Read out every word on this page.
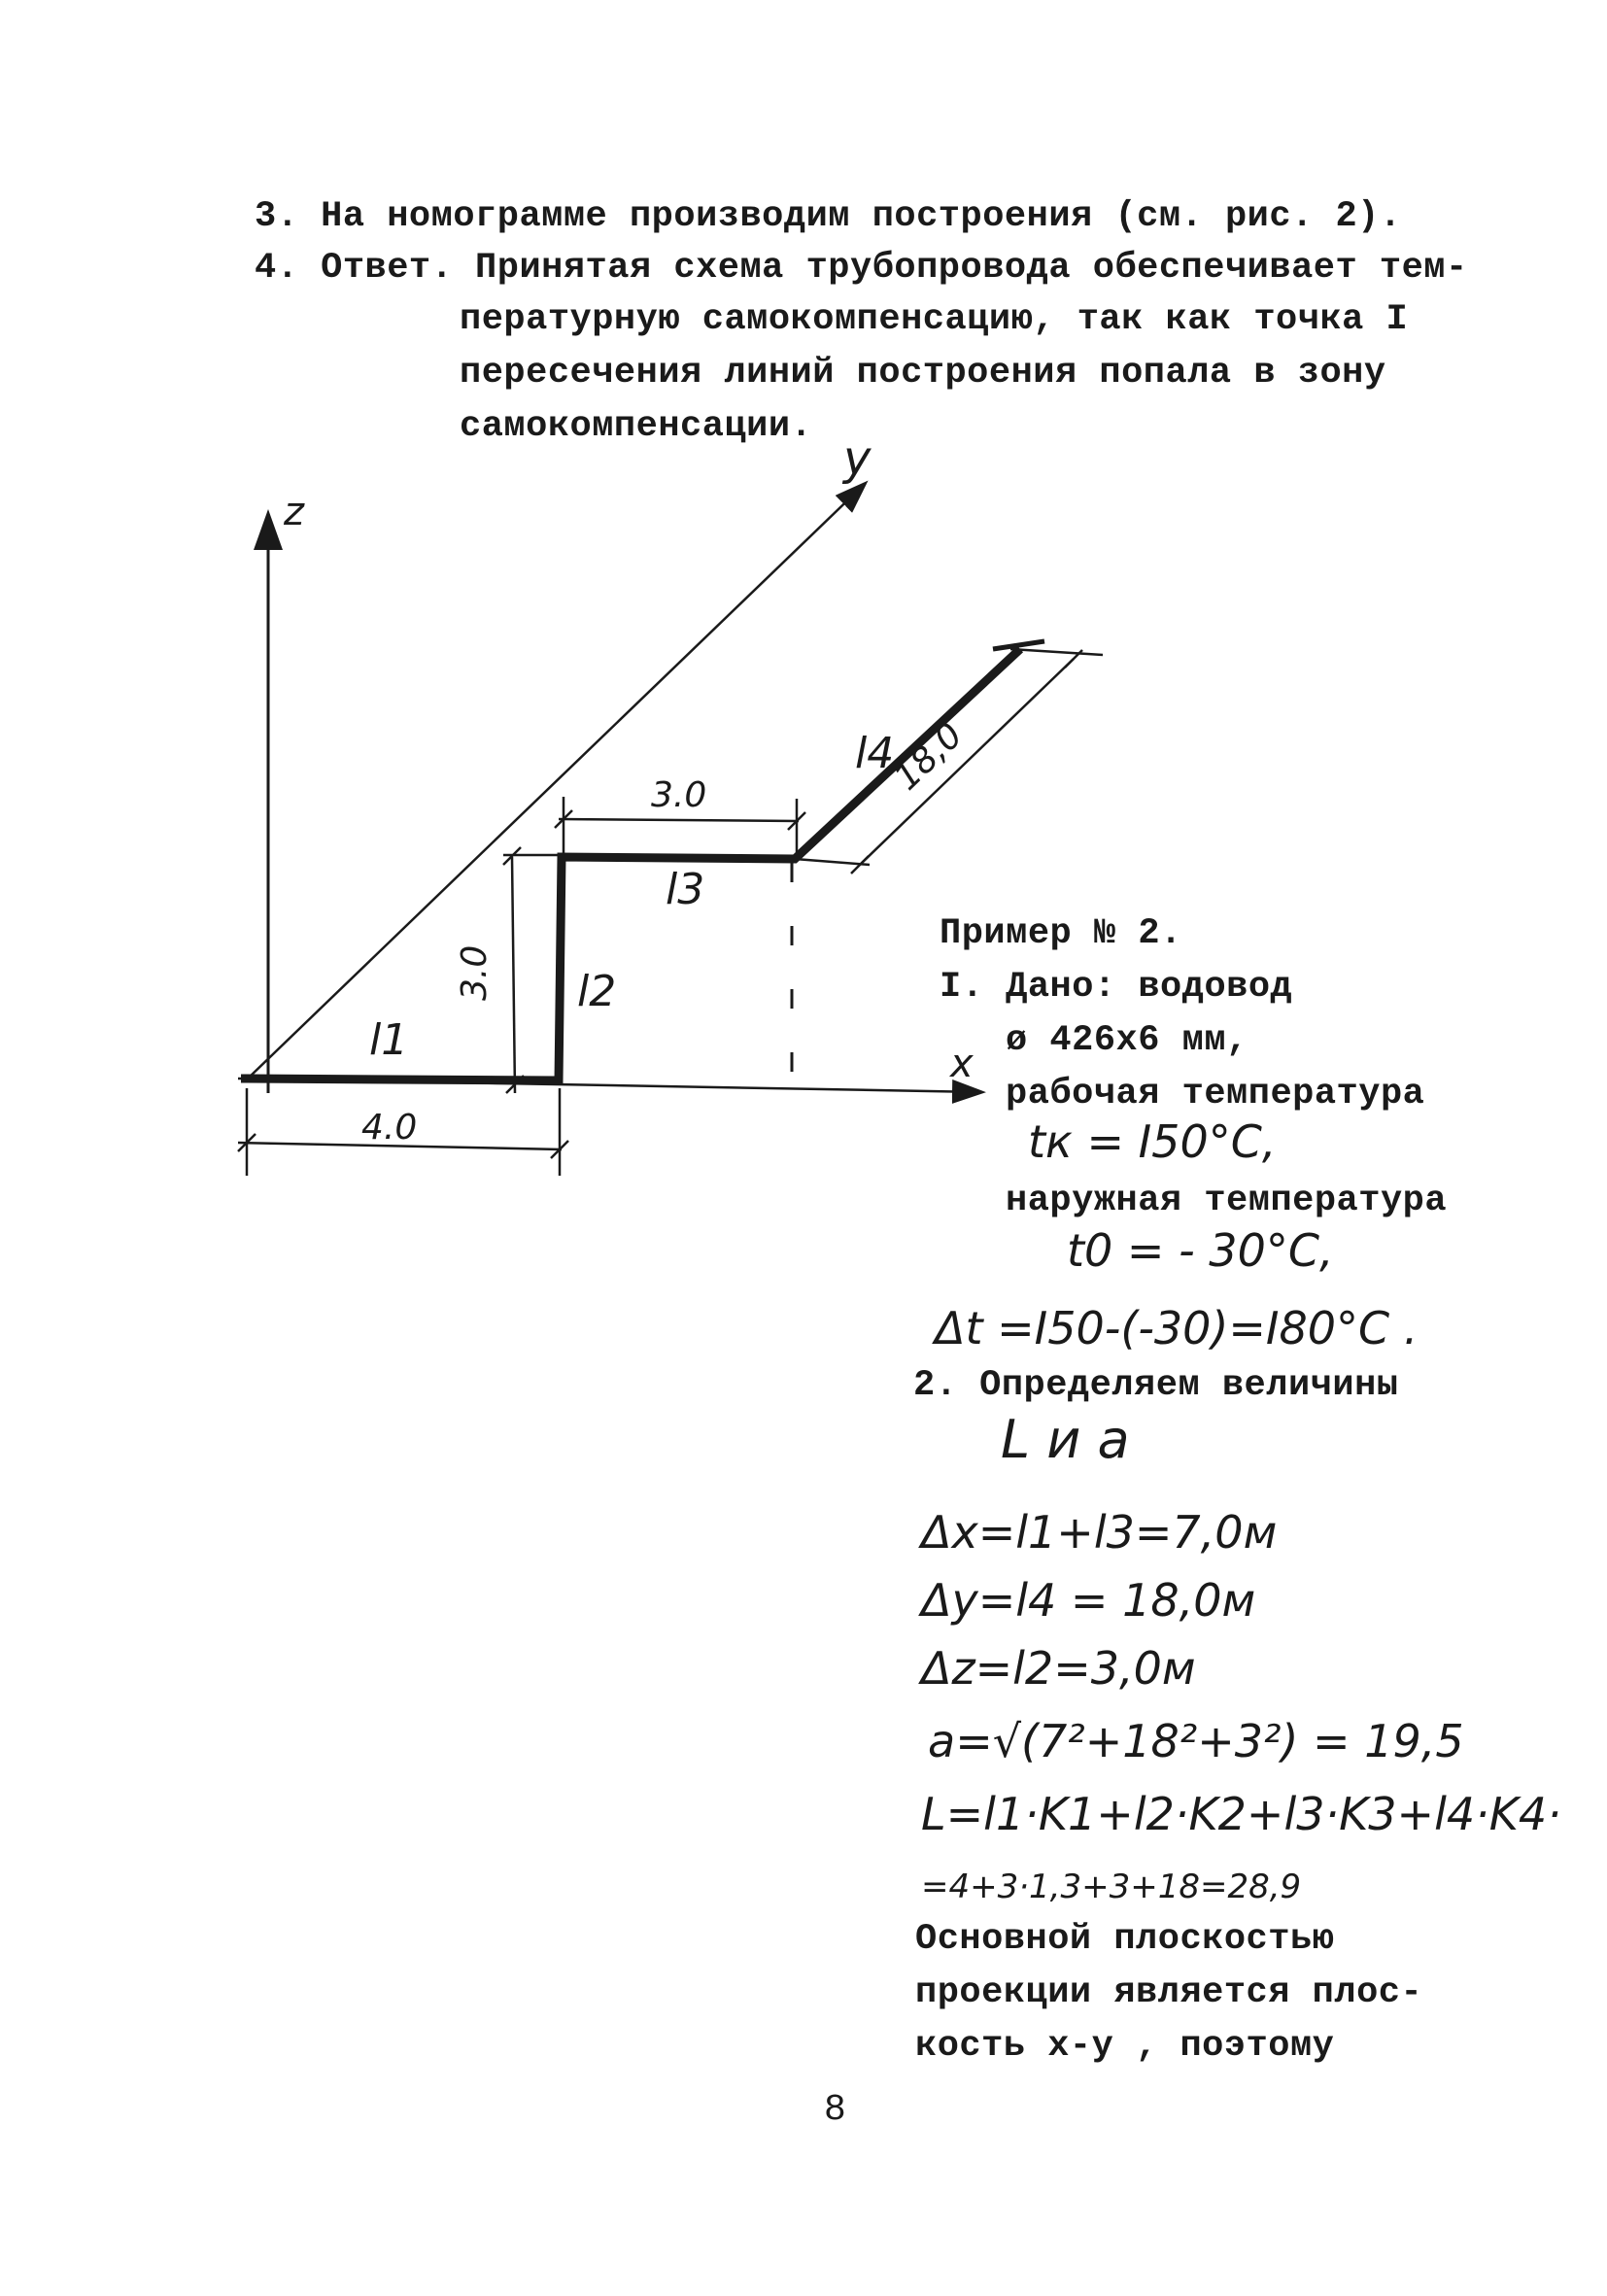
3. На номограмме производим построения (см. рис. 2).
4. Ответ. Принятая схема трубопровода обеспечивает тем-
пературную самокомпенсацию, так как точка I
пересечения линий построения попала в зону
самокомпенсации.
z
y
x
4.0
3.0
3.0	18,0
l1
l2
l3
l4
Пример № 2.
I. Дано: водовод
ø 426x6 мм,
рабочая температура
tк = I50°C,
наружная температура
t0 = - 30°C,
Δt =I50-(-30)=I80°C .
2. Определяем величины
L и a
Δx=l1+l3=7,0м
Δy=l4 = 18,0м
Δz=l2=3,0м
a=√(7²+18²+3²) = 19,5
L=l1·K1+l2·K2+l3·K3+l4·K4·
=4+3·1,3+3+18=28,9
Основной плоскостью
проекции является плос-
кость x-y , поэтому
8
